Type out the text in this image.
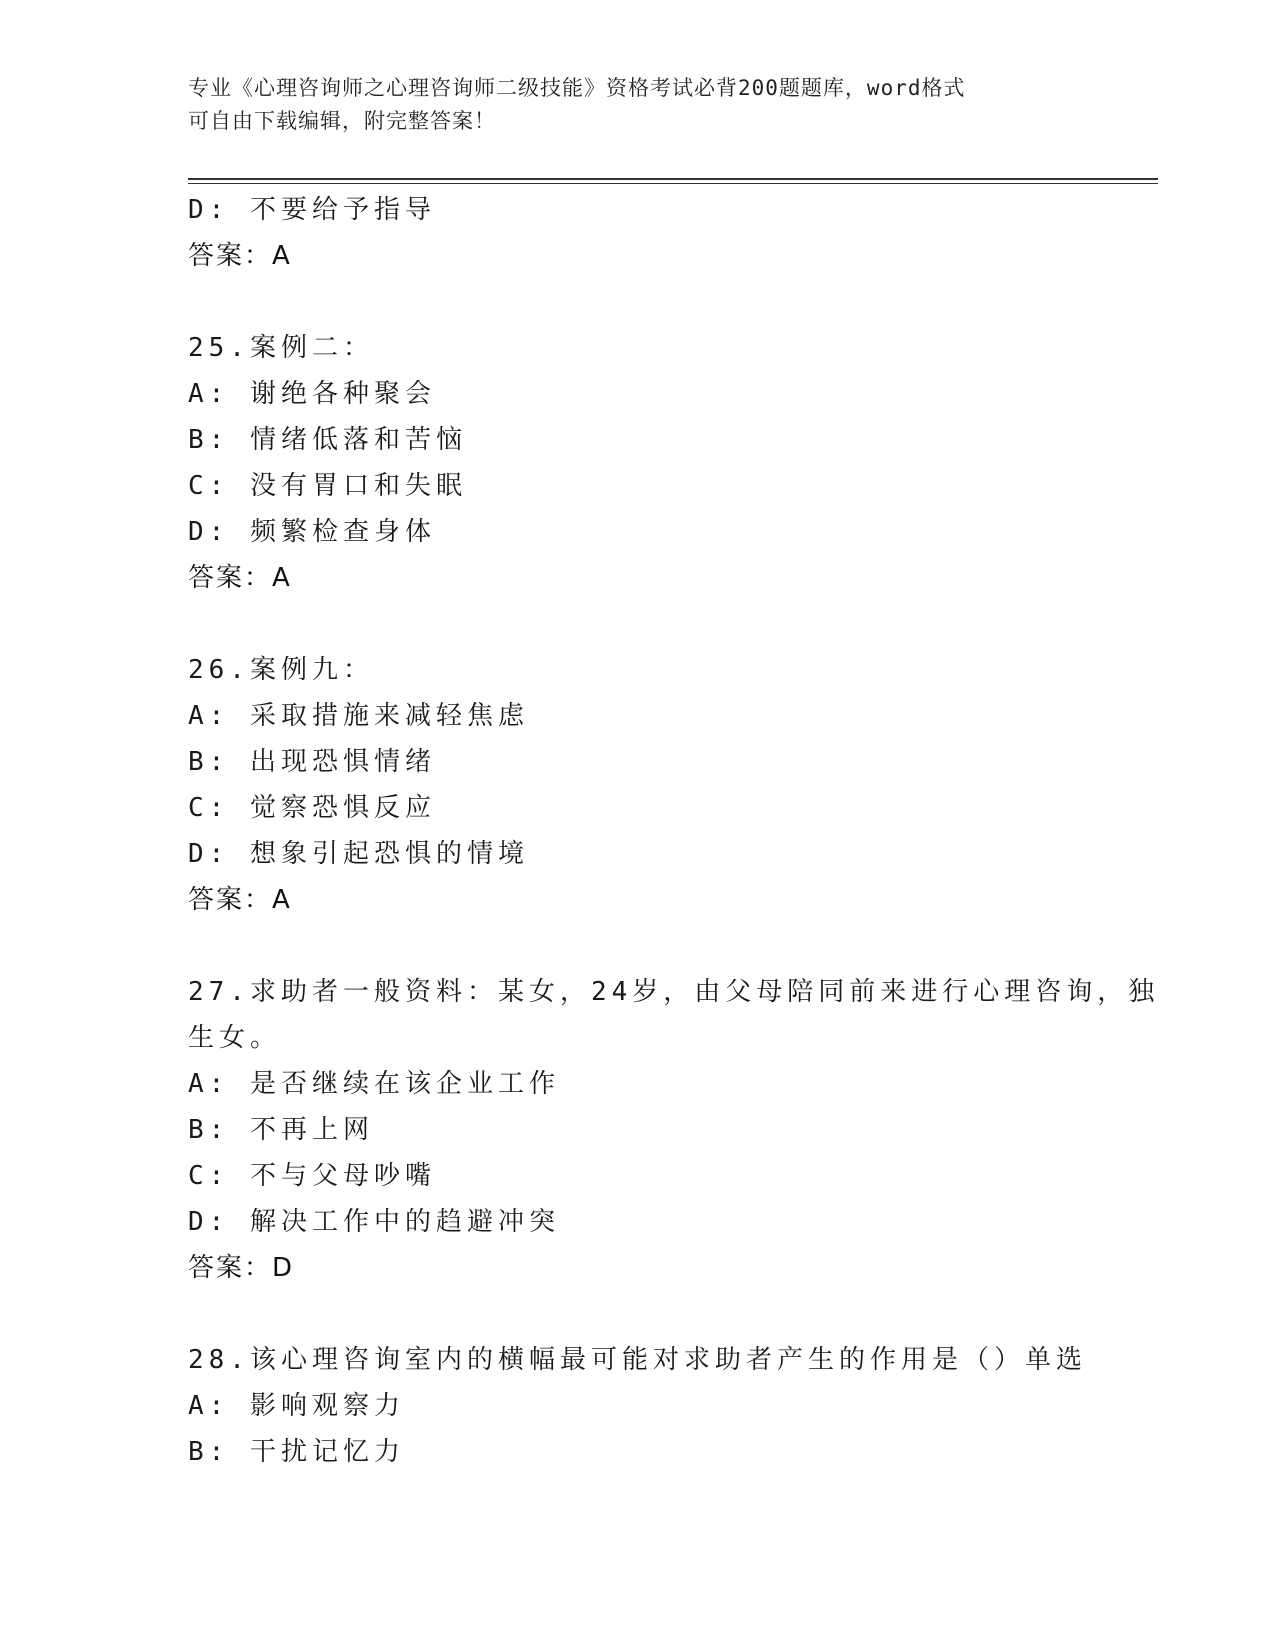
专业《心理咨询师之心理咨询师二级技能》资格考试必背200题题库，word格式
可自由下载编辑，附完整答案！
D: 不要给予指导
答案：A
25.案例二：
A: 谢绝各种聚会
B: 情绪低落和苦恼
C: 没有胃口和失眠
D: 频繁检查身体
答案：A
26.案例九：
A: 采取措施来减轻焦虑
B: 出现恐惧情绪
C: 觉察恐惧反应
D: 想象引起恐惧的情境
答案：A
27.求助者一般资料：某女，24岁，由父母陪同前来进行心理咨询，独
生女。
A: 是否继续在该企业工作
B: 不再上网
C: 不与父母吵嘴
D: 解决工作中的趋避冲突
答案：D
28.该心理咨询室内的横幅最可能对求助者产生的作用是（）单选
A: 影响观察力
B: 干扰记忆力
